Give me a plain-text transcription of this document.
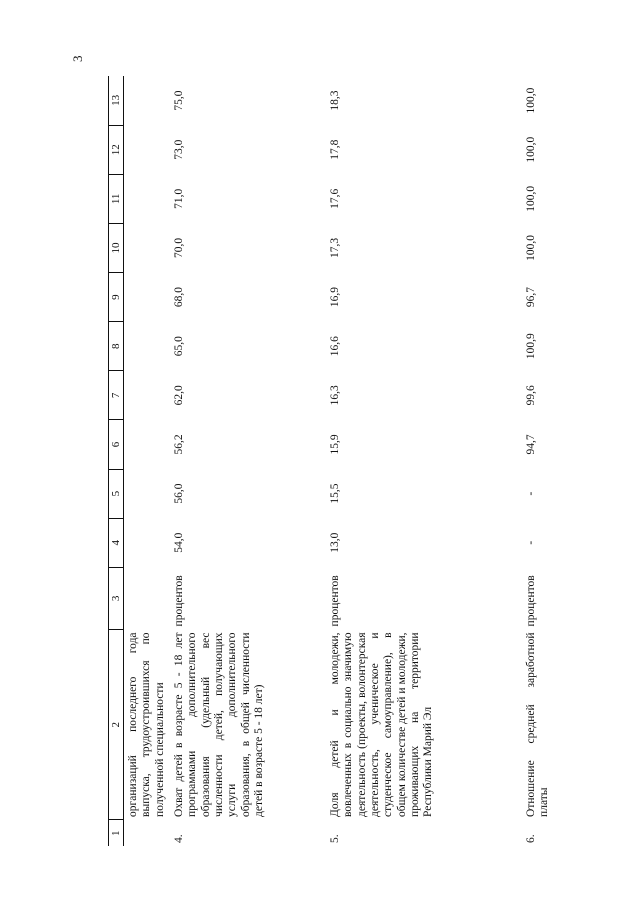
3
1	2	3	4	5	6	7	8	9	10	11	12	13
	организаций последнего года выпуска, трудоустроившихся по полученной специальности											
4.	Охват детей в возрасте 5 - 18 лет программами дополнительного образования (удельный вес численности детей, получающих услуги дополнительного образования, в общей численности детей в возрасте 5 - 18 лет)	процентов	54,0	56,0	56,2	62,0	65,0	68,0	70,0	71,0	73,0	75,0
5.	Доля детей и молодежи, вовлеченных в социально значимую деятельность (проекты, волонтерская деятельность, ученическое и студенческое самоуправление), в общем количестве детей и молодежи, проживающих на территории Республики Марий Эл	процентов	13,0	15,5	15,9	16,3	16,6	16,9	17,3	17,6	17,8	18,3
6.	Отношение средней заработной платы	процентов	-	-	94,7	99,6	100,9	96,7	100,0	100,0	100,0	100,0
